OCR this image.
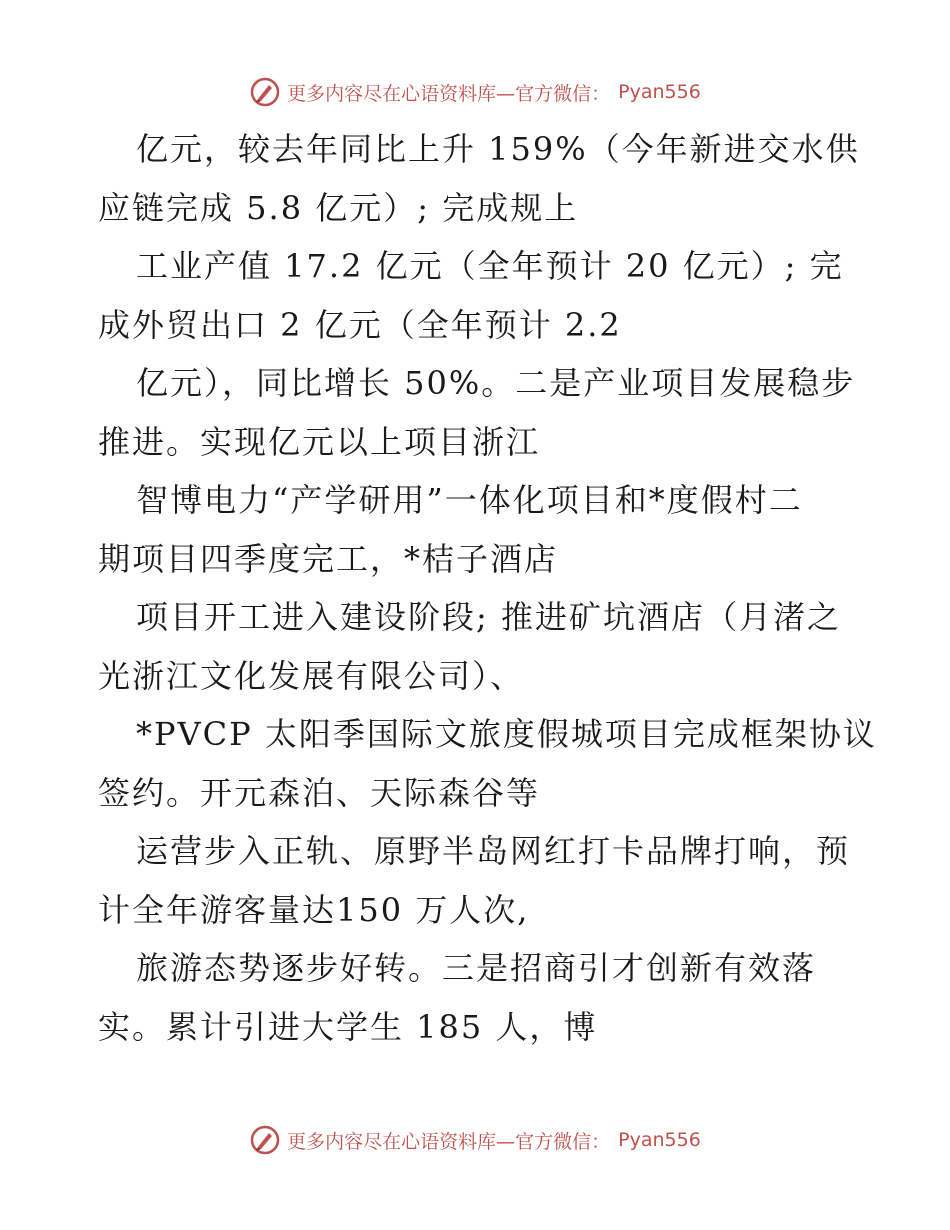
更多内容尽在心语资料库—官方微信： Pyan556
亿元，较去年同比上升 159%（今年新进交水供
应链完成 5.8 亿元）; 完成规上
工业产值 17.2 亿元（全年预计 20 亿元）; 完
成外贸出口 2 亿元（全年预计 2.2
亿元），同比增长 50%。二是产业项目发展稳步
推进。实现亿元以上项目浙江
智博电力“产学研用”一体化项目和*度假村二
期项目四季度完工，*桔子酒店
项目开工进入建设阶段; 推进矿坑酒店（月渚之
光浙江文化发展有限公司）、
*PVCP 太阳季国际文旅度假城项目完成框架协议
签约。开元森泊、天际森谷等
运营步入正轨、原野半岛网红打卡品牌打响，预
计全年游客量达150 万人次,
旅游态势逐步好转。三是招商引才创新有效落
实。累计引进大学生 185 人，博
更多内容尽在心语资料库—官方微信： Pyan556
